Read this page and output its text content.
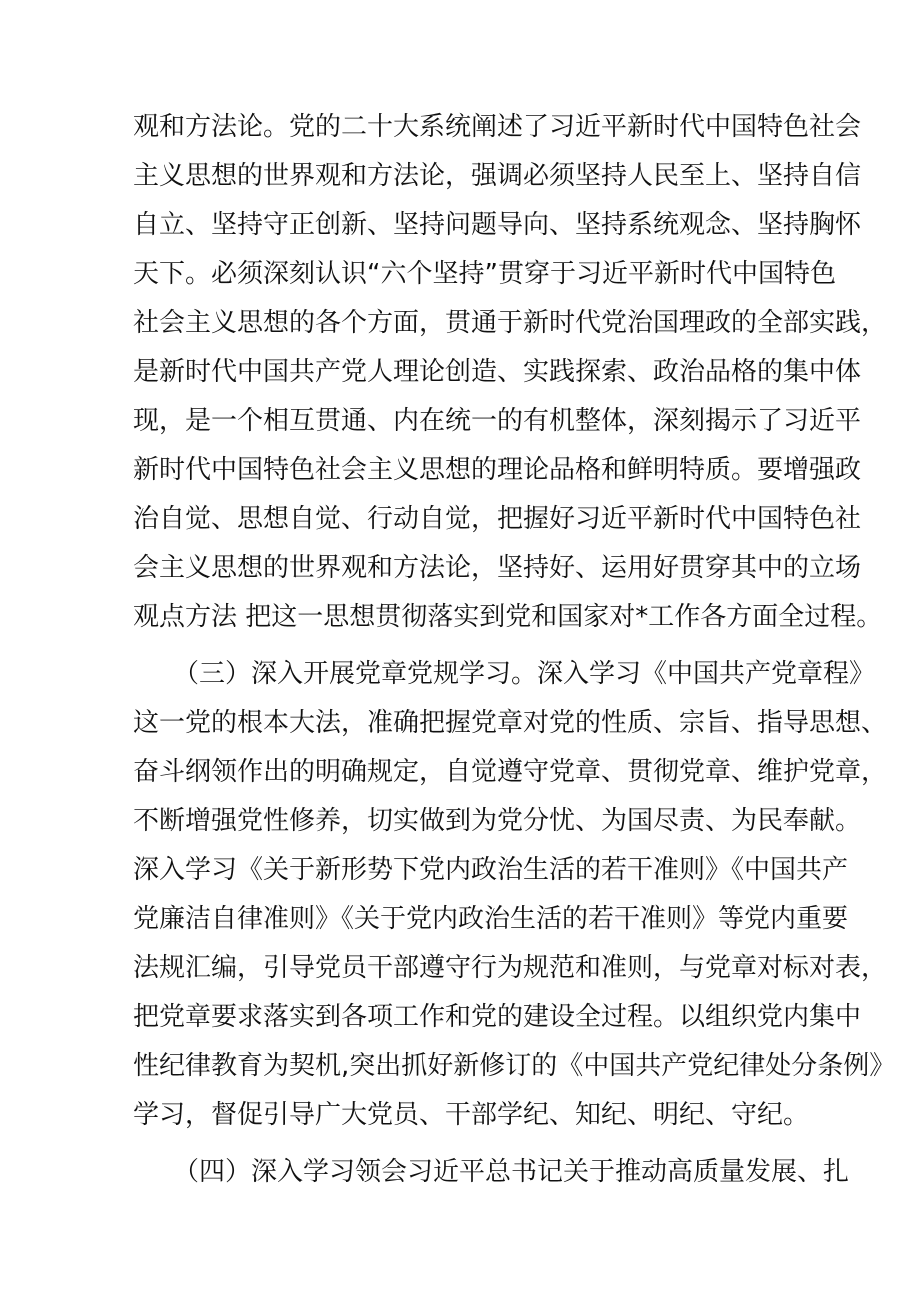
观和方法论。党的二十大系统阐述了习近平新时代中国特色社会
主义思想的世界观和方法论，强调必须坚持人民至上、坚持自信
自立、坚持守正创新、坚持问题导向、坚持系统观念、坚持胸怀
天下。必须深刻认识“六个坚持”贯穿于习近平新时代中国特色
社会主义思想的各个方面，贯通于新时代党治国理政的全部实践，
是新时代中国共产党人理论创造、实践探索、政治品格的集中体
现，是一个相互贯通、内在统一的有机整体，深刻揭示了习近平
新时代中国特色社会主义思想的理论品格和鲜明特质。要增强政
治自觉、思想自觉、行动自觉，把握好习近平新时代中国特色社
会主义思想的世界观和方法论，坚持好、运用好贯穿其中的立场
观点方法 把这一思想贯彻落实到党和国家对*工作各方面全过程。
（三）深入开展党章党规学习。深入学习《中国共产党章程》
这一党的根本大法，准确把握党章对党的性质、宗旨、指导思想、
奋斗纲领作出的明确规定，自觉遵守党章、贯彻党章、维护党章，
不断增强党性修养，切实做到为党分忧、为国尽责、为民奉献。
深入学习《关于新形势下党内政治生活的若干准则》《中国共产
党廉洁自律准则》《关于党内政治生活的若干准则》等党内重要
法规汇编，引导党员干部遵守行为规范和准则，与党章对标对表，
把党章要求落实到各项工作和党的建设全过程。以组织党内集中
性纪律教育为契机,突出抓好新修订的《中国共产党纪律处分条例》
学习，督促引导广大党员、干部学纪、知纪、明纪、守纪。
（四）深入学习领会习近平总书记关于推动高质量发展、扎
